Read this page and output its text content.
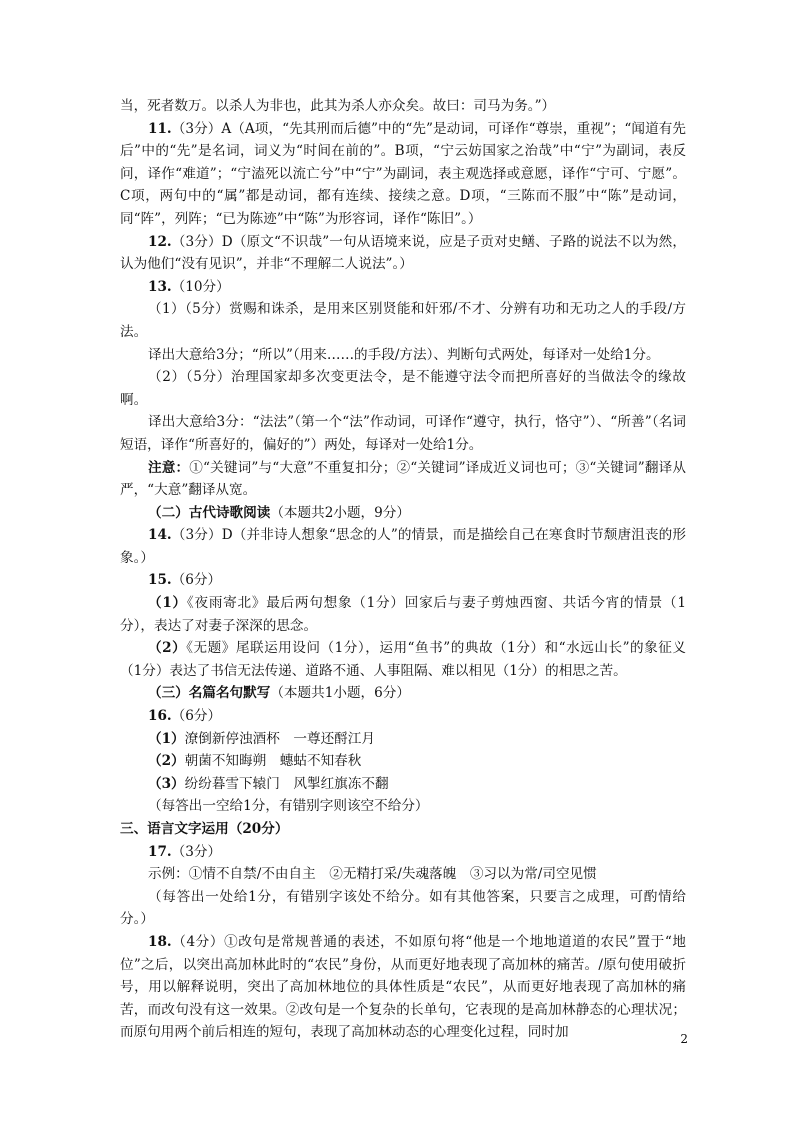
当，死者数万。以杀人为非也，此其为杀人亦众矣。故曰：司马为务。”）

11.（3分）A（A项，“先其刑而后德”中的“先”是动词，可译作“尊崇，重视”；“闻道有先后”中的“先”是名词，词义为“时间在前的”。B项，“宁云妨国家之治哉”中“宁”为副词，表反问，译作“难道”；“宁溘死以流亡兮”中“宁”为副词，表主观选择或意愿，译作“宁可、宁愿”。C项，两句中的“属”都是动词，都有连续、接续之意。D项，“三陈而不服”中“陈”是动词，同“阵”，列阵；“已为陈迹”中“陈”为形容词，译作“陈旧”。）

12.（3分）D（原文“不识哉”一句从语境来说，应是子贡对史鳝、子路的说法不以为然，认为他们“没有见识”，并非“不理解二人说法”。）

13.（10分）

（1）（5分）赏赐和诛杀，是用来区别贤能和奸邪/不才、分辨有功和无功之人的手段/方法。

译出大意给3分；“所以”（用来……的手段/方法）、判断句式两处，每译对一处给1分。

（2）（5分）治理国家却多次变更法令，是不能遵守法令而把所喜好的当做法令的缘故啊。

译出大意给3分：“法法”（第一个“法”作动词，可译作“遵守，执行，恪守”）、“所善”（名词短语，译作“所喜好的，偏好的”）两处，每译对一处给1分。

注意：①“关键词”与“大意”不重复扣分；②“关键词”译成近义词也可；③“关键词”翻译从严，“大意”翻译从宽。

（二）古代诗歌阅读（本题共2小题，9分）

14.（3分）D（并非诗人想象“思念的人”的情景，而是描绘自己在寒食时节颓唐沮丧的形象。）

15.（6分）

（1）《夜雨寄北》最后两句想象（1分）回家后与妻子剪烛西窗、共话今宵的情景（1分），表达了对妻子深深的思念。

（2）《无题》尾联运用设问（1分），运用“鱼书”的典故（1分）和“水远山长”的象征义（1分）表达了书信无法传递、道路不通、人事阻隔、难以相见（1分）的相思之苦。

（三）名篇名句默写（本题共1小题，6分）

16.（6分）

（1）潦倒新停浊酒杯　一尊还酹江月

（2）朝菌不知晦朔　蟪蛄不知春秋

（3）纷纷暮雪下辕门　风掣红旗冻不翻

（每答出一空给1分，有错别字则该空不给分）

三、语言文字运用（20分）

17.（3分）

示例：①情不自禁/不由自主　②无精打采/失魂落魄　③习以为常/司空见惯

（每答出一处给1分，有错别字该处不给分。如有其他答案，只要言之成理，可酌情给分。）

18.（4分）①改句是常规普通的表述，不如原句将“他是一个地地道道的农民”置于“地位”之后，以突出高加林此时的“农民”身份，从而更好地表现了高加林的痛苦。/原句使用破折号，用以解释说明，突出了高加林地位的具体性质是“农民”，从而更好地表现了高加林的痛苦，而改句没有这一效果。②改句是一个复杂的长单句，它表现的是高加林静态的心理状况；而原句用两个前后相连的短句，表现了高加林动态的心理变化过程，同时加	2
